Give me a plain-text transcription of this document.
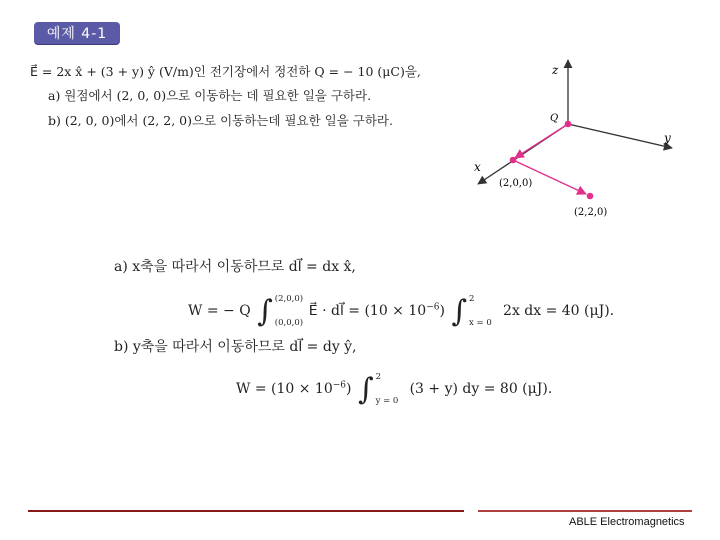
예제 4-1
E⃗ = 2x x̂ + (3 + y) ŷ (V/m)인 전기장에서 정전하 Q = − 10 (μC)을,
a) 원점에서 (2, 0, 0)으로 이동하는 데 필요한 일을 구하라.
b) (2, 0, 0)에서 (2, 2, 0)으로 이동하는데 필요한 일을 구하라.
z
y
x
Q
(2,0,0)
(2,2,0)
a) x축을 따라서 이동하므로 dl⃗ = dx x̂,
W = − Q ∫ (2,0,0)
(0,0,0)
E⃗ · dl⃗ = $(10 \times 10^{-6})$ ∫ 2
x = 0
2x dx = 40 (μJ).
b) y축을 따라서 이동하므로 dl⃗ = dy ŷ,
$W = (10 \times 10^{-6})$ ∫ 2
y = 0
(3 + y) dy = 80 (μJ).
ABLE Electromagnetics
